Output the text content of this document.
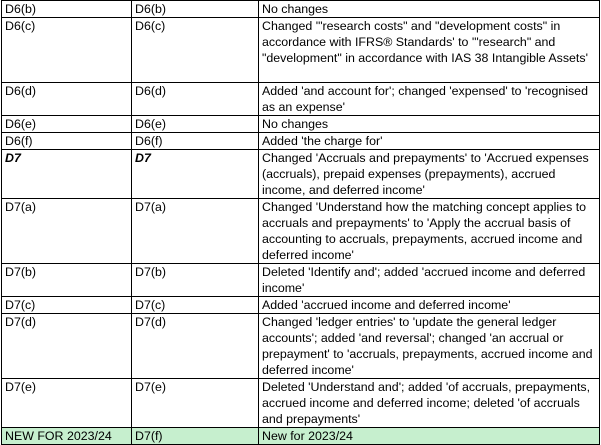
D6(b)	D6(b)	No changes
D6(c)	D6(c)	Changed '"research costs" and "development costs" in accordance with IFRS® Standards' to '"research" and "development" in accordance with IAS 38 Intangible Assets'
D6(d)	D6(d)	Added 'and account for'; changed 'expensed' to 'recognised as an expense'
D6(e)	D6(e)	No changes
D6(f)	D6(f)	Added 'the charge for'
D7	D7	Changed 'Accruals and prepayments' to 'Accrued expenses (accruals), prepaid expenses (prepayments), accrued income, and deferred income'
D7(a)	D7(a)	Changed 'Understand how the matching concept applies to accruals and prepayments' to 'Apply the accrual basis of accounting to accruals, prepayments, accrued income and deferred income'
D7(b)	D7(b)	Deleted 'Identify and'; added 'accrued income and deferred income'
D7(c)	D7(c)	Added 'accrued income and deferred income'
D7(d)	D7(d)	Changed 'ledger entries' to 'update the general ledger accounts'; added 'and reversal'; changed 'an accrual or prepayment' to 'accruals, prepayments, accrued income and deferred income'
D7(e)	D7(e)	Deleted 'Understand and'; added 'of accruals, prepayments, accrued income and deferred income; deleted 'of accruals and prepayments'
NEW FOR 2023/24	D7(f)	New for 2023/24
